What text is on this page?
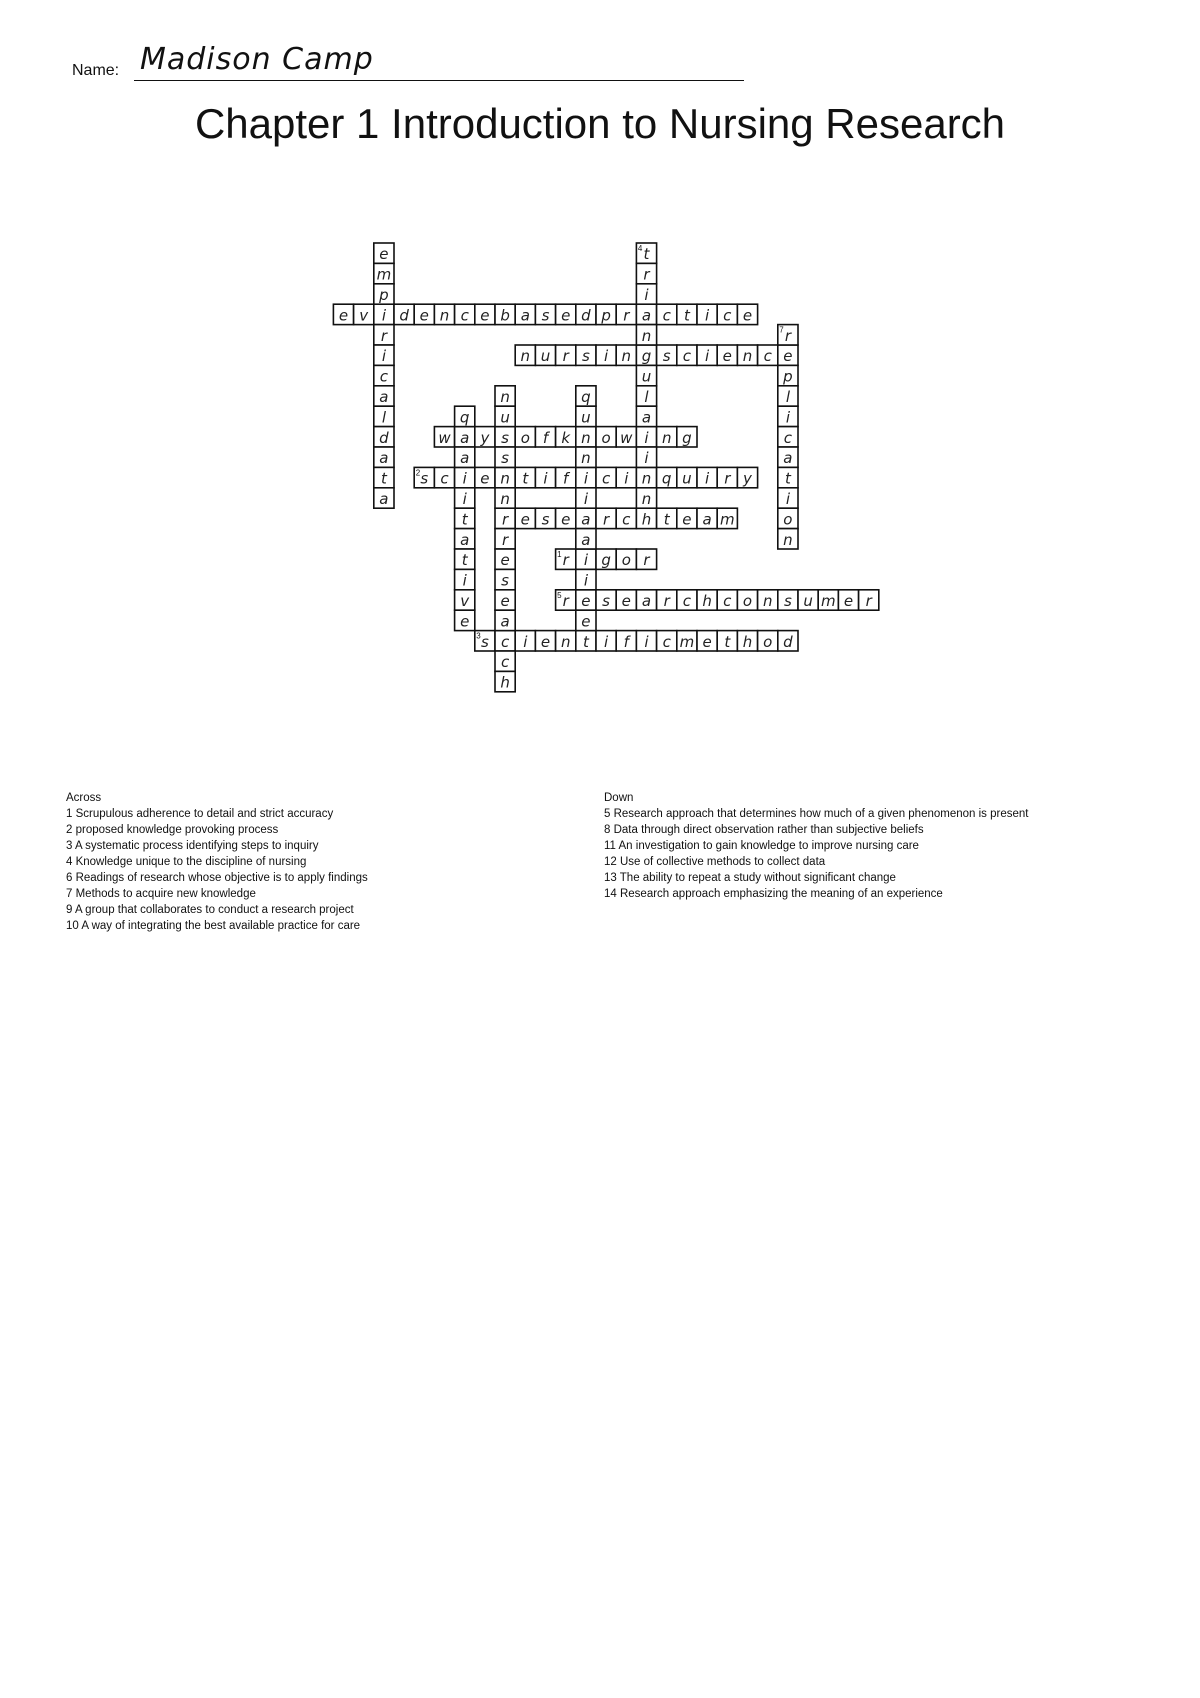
Name: Madison Camp
Chapter 1 Introduction to Nursing Research
e v i d e n c e b a s e d p r a c t i c e
n u r s i n g s c i e n c e
w a y s o f k n o w i n g
s
2 c i e n t i f i c i n q u i r y
r e s e a r c h t e a m
r
1 i g o r
r
5 e s e a r c h c o n s u m e r
s
3 c i e n t i f i c m e t h o d
e
m
p
r
i
c
a
l
d
a
t
a
t
4
r
i
n
u
l
a
i
n
r
7
p
l
i
c
a
t
i
o
n
q
a
i
t
a
t
i
v
e
n
u
s
n
r
e
s
e
a
c
h
q
u
n
i
a
i
e
Across
1 Scrupulous adherence to detail and strict accuracy
2 proposed knowledge provoking process
3 A systematic process identifying steps to inquiry
4 Knowledge unique to the discipline of nursing
6 Readings of research whose objective is to apply findings
7 Methods to acquire new knowledge
9 A group that collaborates to conduct a research project
10 A way of integrating the best available practice for care
Down
5 Research approach that determines how much of a given phenomenon is present
8 Data through direct observation rather than subjective beliefs
11 An investigation to gain knowledge to improve nursing care
12 Use of collective methods to collect data
13 The ability to repeat a study without significant change
14 Research approach emphasizing the meaning of an experience
